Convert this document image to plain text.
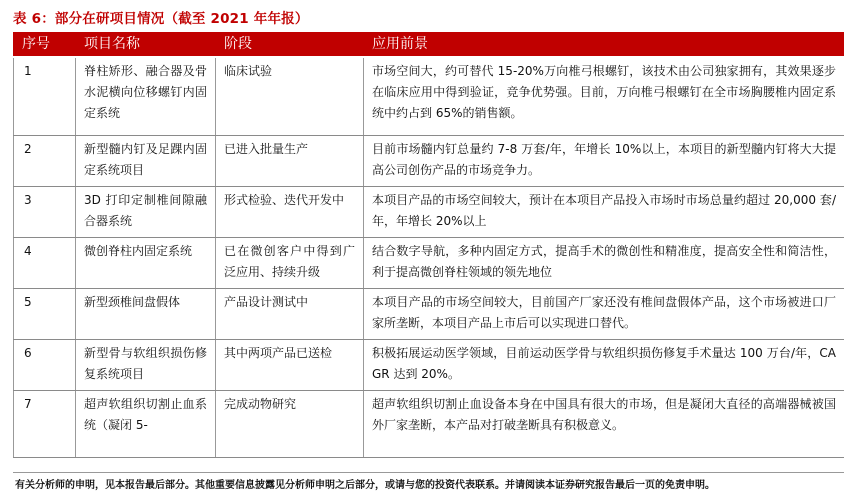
表 6：部分在研项目情况（截至 2021 年年报）
序号	项目名称	阶段	应用前景
1	脊柱矫形、融合器及骨水泥横向位移螺钉内固定系统	临床试验	市场空间大，约可替代 15-20%万向椎弓根螺钉，该技术由公司独家拥有，其效果逐步在临床应用中得到验证，竞争优势强。目前，万向椎弓根螺钉在全市场胸腰椎内固定系统中约占到 65%的销售额。
2	新型髓内钉及足踝内固定系统项目	已进入批量生产	目前市场髓内钉总量约 7-8 万套/年，年增长 10%以上，本项目的新型髓内钉将大大提高公司创伤产品的市场竞争力。
3	3D 打印定制椎间隙融合器系统	形式检验、迭代开发中	本项目产品的市场空间较大，预计在本项目产品投入市场时市场总量约超过 20,000 套/年，年增长 20%以上
4	微创脊柱内固定系统	已在微创客户中得到广泛应用、持续升级	结合数字导航，多种内固定方式，提高手术的微创性和精准度，提高安全性和简洁性，利于提高微创脊柱领域的领先地位
5	新型颈椎间盘假体	产品设计测试中	本项目产品的市场空间较大，目前国产厂家还没有椎间盘假体产品，这个市场被进口厂家所垄断，本项目产品上市后可以实现进口替代。
6	新型骨与软组织损伤修复系统项目	其中两项产品已送检	积极拓展运动医学领域，目前运动医学骨与软组织损伤修复手术量达 100 万台/年，CAGR 达到 20%。
7	超声软组织切割止血系统（凝闭 5-	完成动物研究	超声软组织切割止血设备本身在中国具有很大的市场，但是凝闭大直径的高端器械被国外厂家垄断，本产品对打破垄断具有积极意义。
有关分析师的申明，见本报告最后部分。其他重要信息披露见分析师申明之后部分，或请与您的投资代表联系。并请阅读本证券研究报告最后一页的免责申明。
